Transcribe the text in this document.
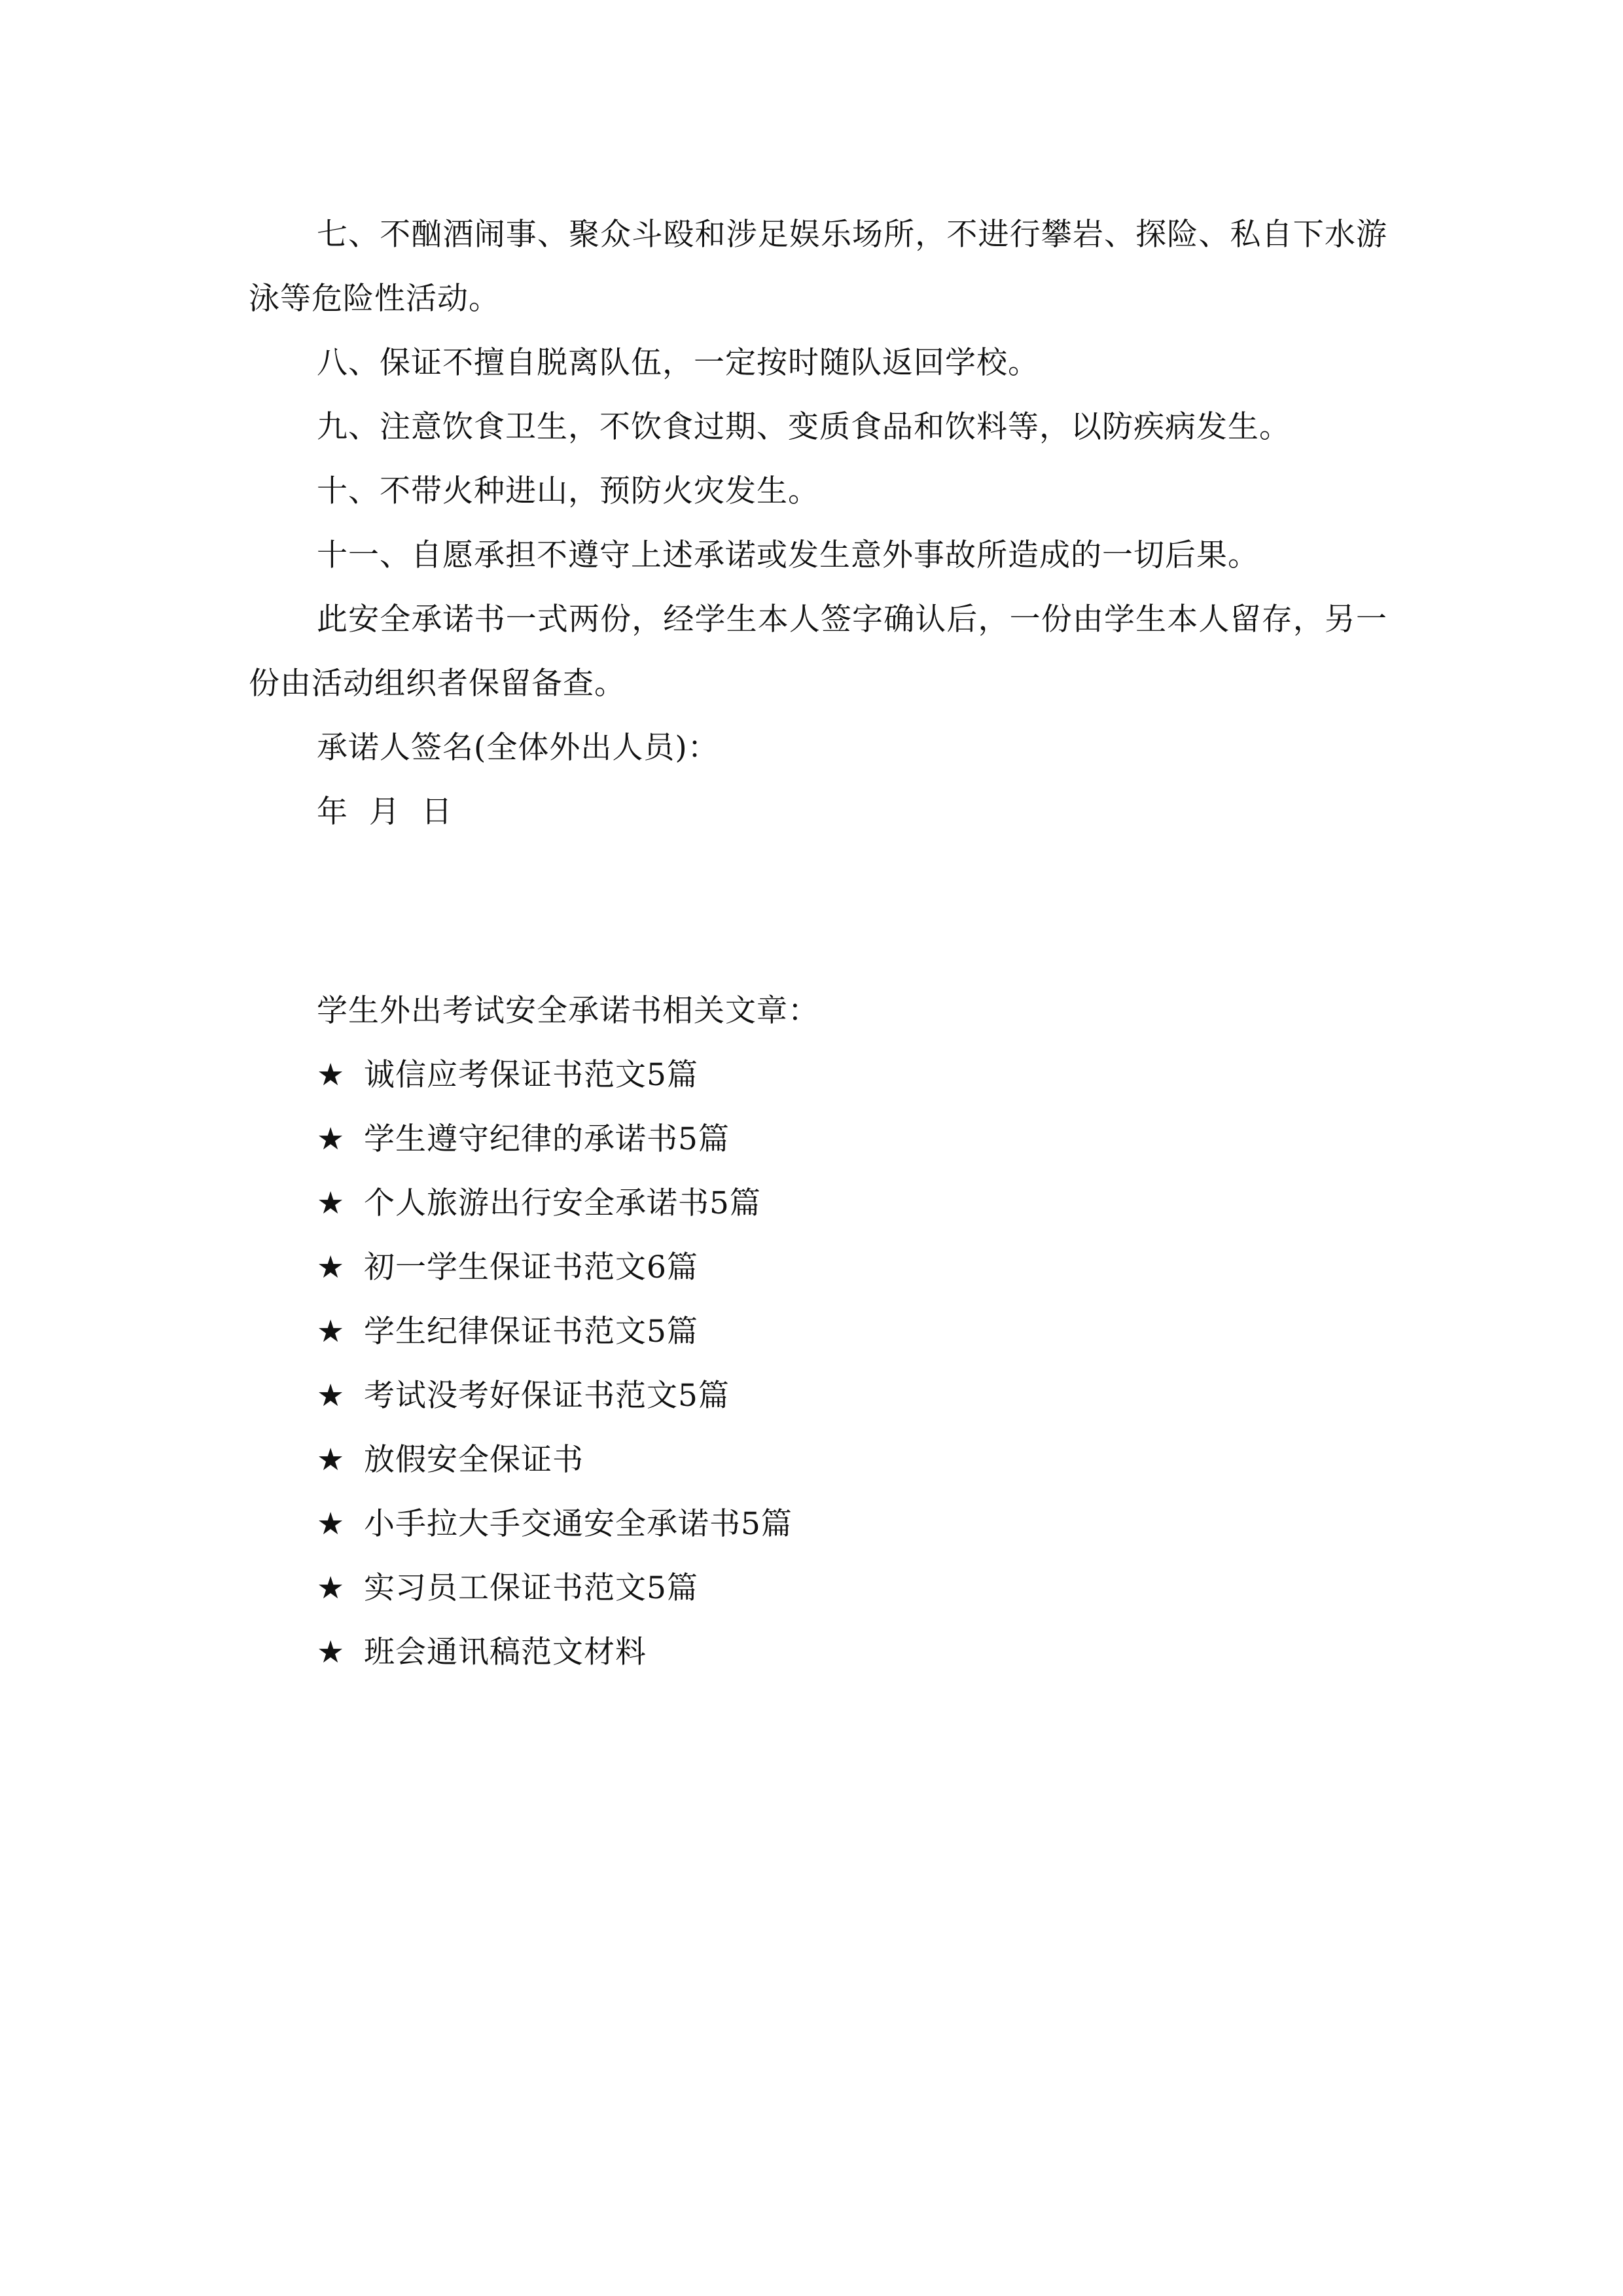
七、不酗酒闹事、聚众斗殴和涉足娱乐场所，不进行攀岩、探险、私自下水游泳等危险性活动。

八、保证不擅自脱离队伍，一定按时随队返回学校。

九、注意饮食卫生，不饮食过期、变质食品和饮料等，以防疾病发生。

十、不带火种进山，预防火灾发生。

十一、自愿承担不遵守上述承诺或发生意外事故所造成的一切后果。

此安全承诺书一式两份，经学生本人签字确认后，一份由学生本人留存，另一份由活动组织者保留备查。

承诺人签名(全体外出人员)：

年  月  日

学生外出考试安全承诺书相关文章：

★ 诚信应考保证书范文5篇
★ 学生遵守纪律的承诺书5篇
★ 个人旅游出行安全承诺书5篇
★ 初一学生保证书范文6篇
★ 学生纪律保证书范文5篇
★ 考试没考好保证书范文5篇
★ 放假安全保证书
★ 小手拉大手交通安全承诺书5篇
★ 实习员工保证书范文5篇
★ 班会通讯稿范文材料
